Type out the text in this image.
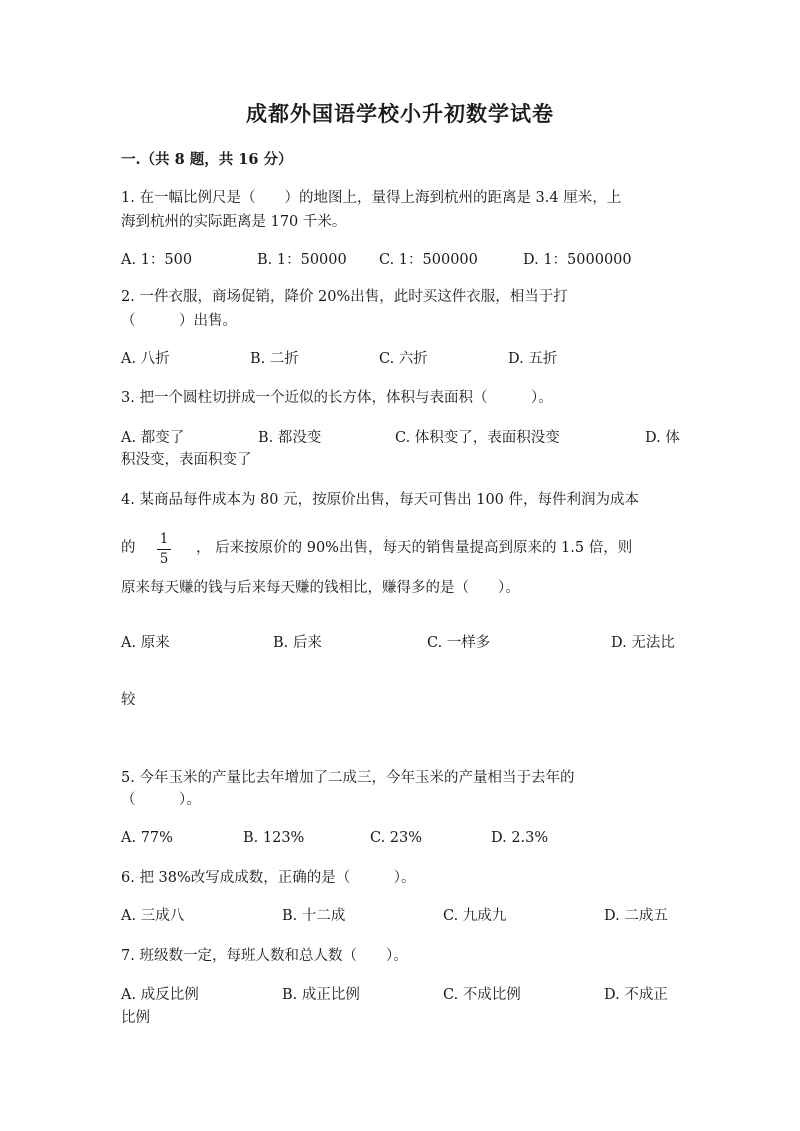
成都外国语学校小升初数学试卷
一.（共 8 题，共 16 分）
1. 在一幅比例尺是（　　）的地图上，量得上海到杭州的距离是 3.4 厘米，上
海到杭州的实际距离是 170 千米。
A. 1：500	B. 1：50000 C. 1：500000	D. 1：5000000
2. 一件衣服，商场促销，降价 20%出售，此时买这件衣服，相当于打
（　　　）出售。
A. 八折	B. 二折	C. 六折	D. 五折
3. 把一个圆柱切拼成一个近似的长方体，体积与表面积（　　　）。
A. 都变了	B. 都没变	C. 体积变了，表面积没变	D. 体
积没变，表面积变了
4. 某商品每件成本为 80 元，按原价出售，每天可售出 100 件，每件利润为成本
的
1
5
， 后来按原价的 90%出售，每天的销售量提高到原来的 1.5 倍，则
原来每天赚的钱与后来每天赚的钱相比，赚得多的是（　　）。
A. 原来	B. 后来	C. 一样多	D. 无法比
较
5. 今年玉米的产量比去年增加了二成三，今年玉米的产量相当于去年的
（　　　）。
A. 77%	B. 123%	C. 23%	D. 2.3%
6. 把 38%改写成成数，正确的是（　　　）。
A. 三成八	B. 十二成	C. 九成九	D. 二成五
7. 班级数一定，每班人数和总人数（　　）。
A. 成反比例	B. 成正比例	C. 不成比例	D. 不成正
比例
